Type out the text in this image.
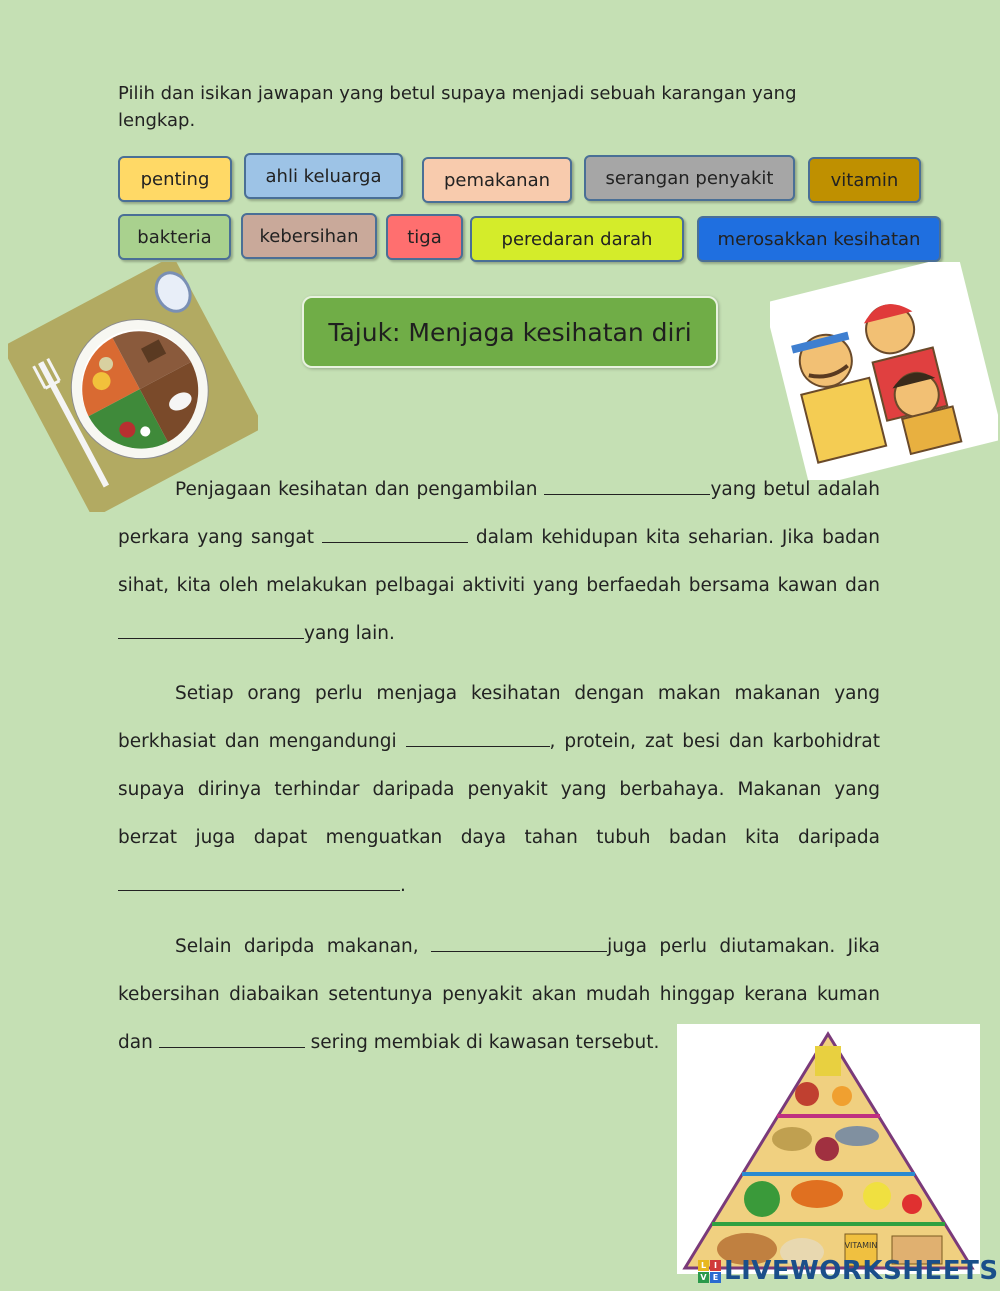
Pilih dan isikan jawapan yang betul supaya menjadi sebuah karangan yang lengkap.
penting	ahli keluarga	pemakanan	serangan penyakit	vitamin
bakteria	kebersihan	tiga	peredaran darah	merosakkan kesihatan
Tajuk: Menjaga kesihatan diri
Penjagaan kesihatan dan pengambilan	yang betul adalah perkara yang sangat	dalam kehidupan kita seharian. Jika badan sihat, kita oleh melakukan pelbagai aktiviti yang berfaedah bersama kawan dan yang lain.
Setiap orang perlu menjaga kesihatan dengan makan makanan yang berkhasiat dan mengandungi	, protein, zat besi dan karbohidrat supaya dirinya terhindar daripada penyakit yang berbahaya. Makanan yang berzat juga dapat menguatkan daya tahan tubuh badan kita daripada .
Selain daripda makanan,	juga perlu diutamakan. Jika kebersihan diabaikan setentunya penyakit akan mudah hinggap kerana kuman dan	sering membiak di kawasan tersebut.
VITAMIN
L I
V E LIVEWORKSHEETS
